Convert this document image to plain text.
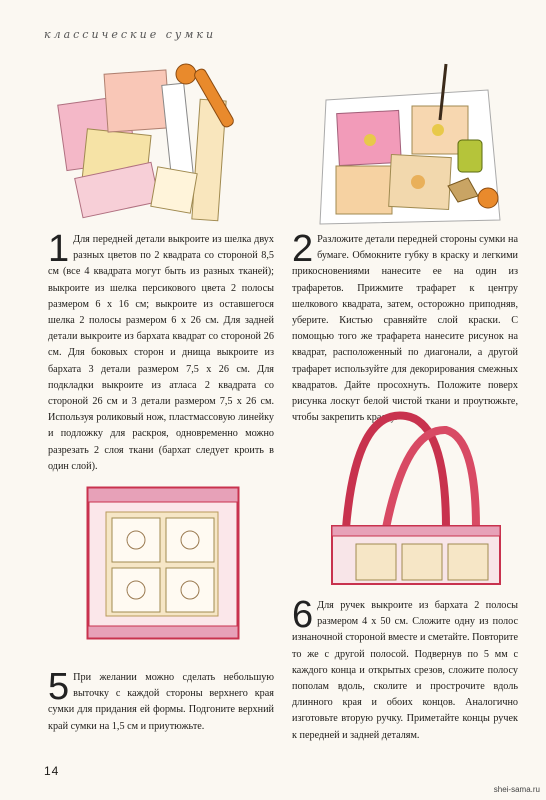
классические сумки
1 Для передней детали выкроите из шелка двух разных цветов по 2 квадрата со стороной 8,5 см (все 4 квадрата могут быть из разных тканей); выкроите из шелка персикового цвета 2 полосы размером 6 х 16 см; выкроите из оставшегося шелка 2 полосы размером 6 х 26 см. Для задней детали выкроите из бархата квадрат со стороной 26 см. Для боковых сторон и днища выкроите из бархата 3 детали размером 7,5 х 26 см. Для подкладки выкроите из атласа 2 квадрата со стороной 26 см и 3 детали размером 7,5 х 26 см. Используя роликовый нож, пластмассовую линейку и подложку для раскроя, одновременно можно разрезать 2 слоя ткани (бархат следует кроить в один слой).
2 Разложите детали передней стороны сумки на бумаге. Обмокните губку в краску и легкими прикосновениями нанесите ее на один из трафаретов. Прижмите трафарет к центру шелкового квадрата, затем, осторожно приподняв, уберите. Кистью сравняйте слой краски. С помощью того же трафарета нанесите рисунок на квадрат, расположенный по диагонали, а другой трафарет используйте для декорирования смежных квадратов. Дайте просохнуть. Положите поверх рисунка лоскут белой чистой ткани и проутюжьте, чтобы закрепить краску.
6 Для ручек выкроите из бархата 2 полосы размером 4 х 50 см. Сложите одну из полос изнаночной стороной вместе и сметайте. Повторите то же с другой полосой. Подвернув по 5 мм с каждого конца и открытых срезов, сложите полосу пополам вдоль, сколите и прострочите вдоль длинного края и обоих концов. Аналогично изготовьте вторую ручку. Приметайте концы ручек к передней и задней деталям.
5 При желании можно сделать небольшую выточку с каждой стороны верхнего края сумки для придания ей формы. Подгоните верхний край сумки на 1,5 см и приутюжьте.
14
shei-sama.ru
